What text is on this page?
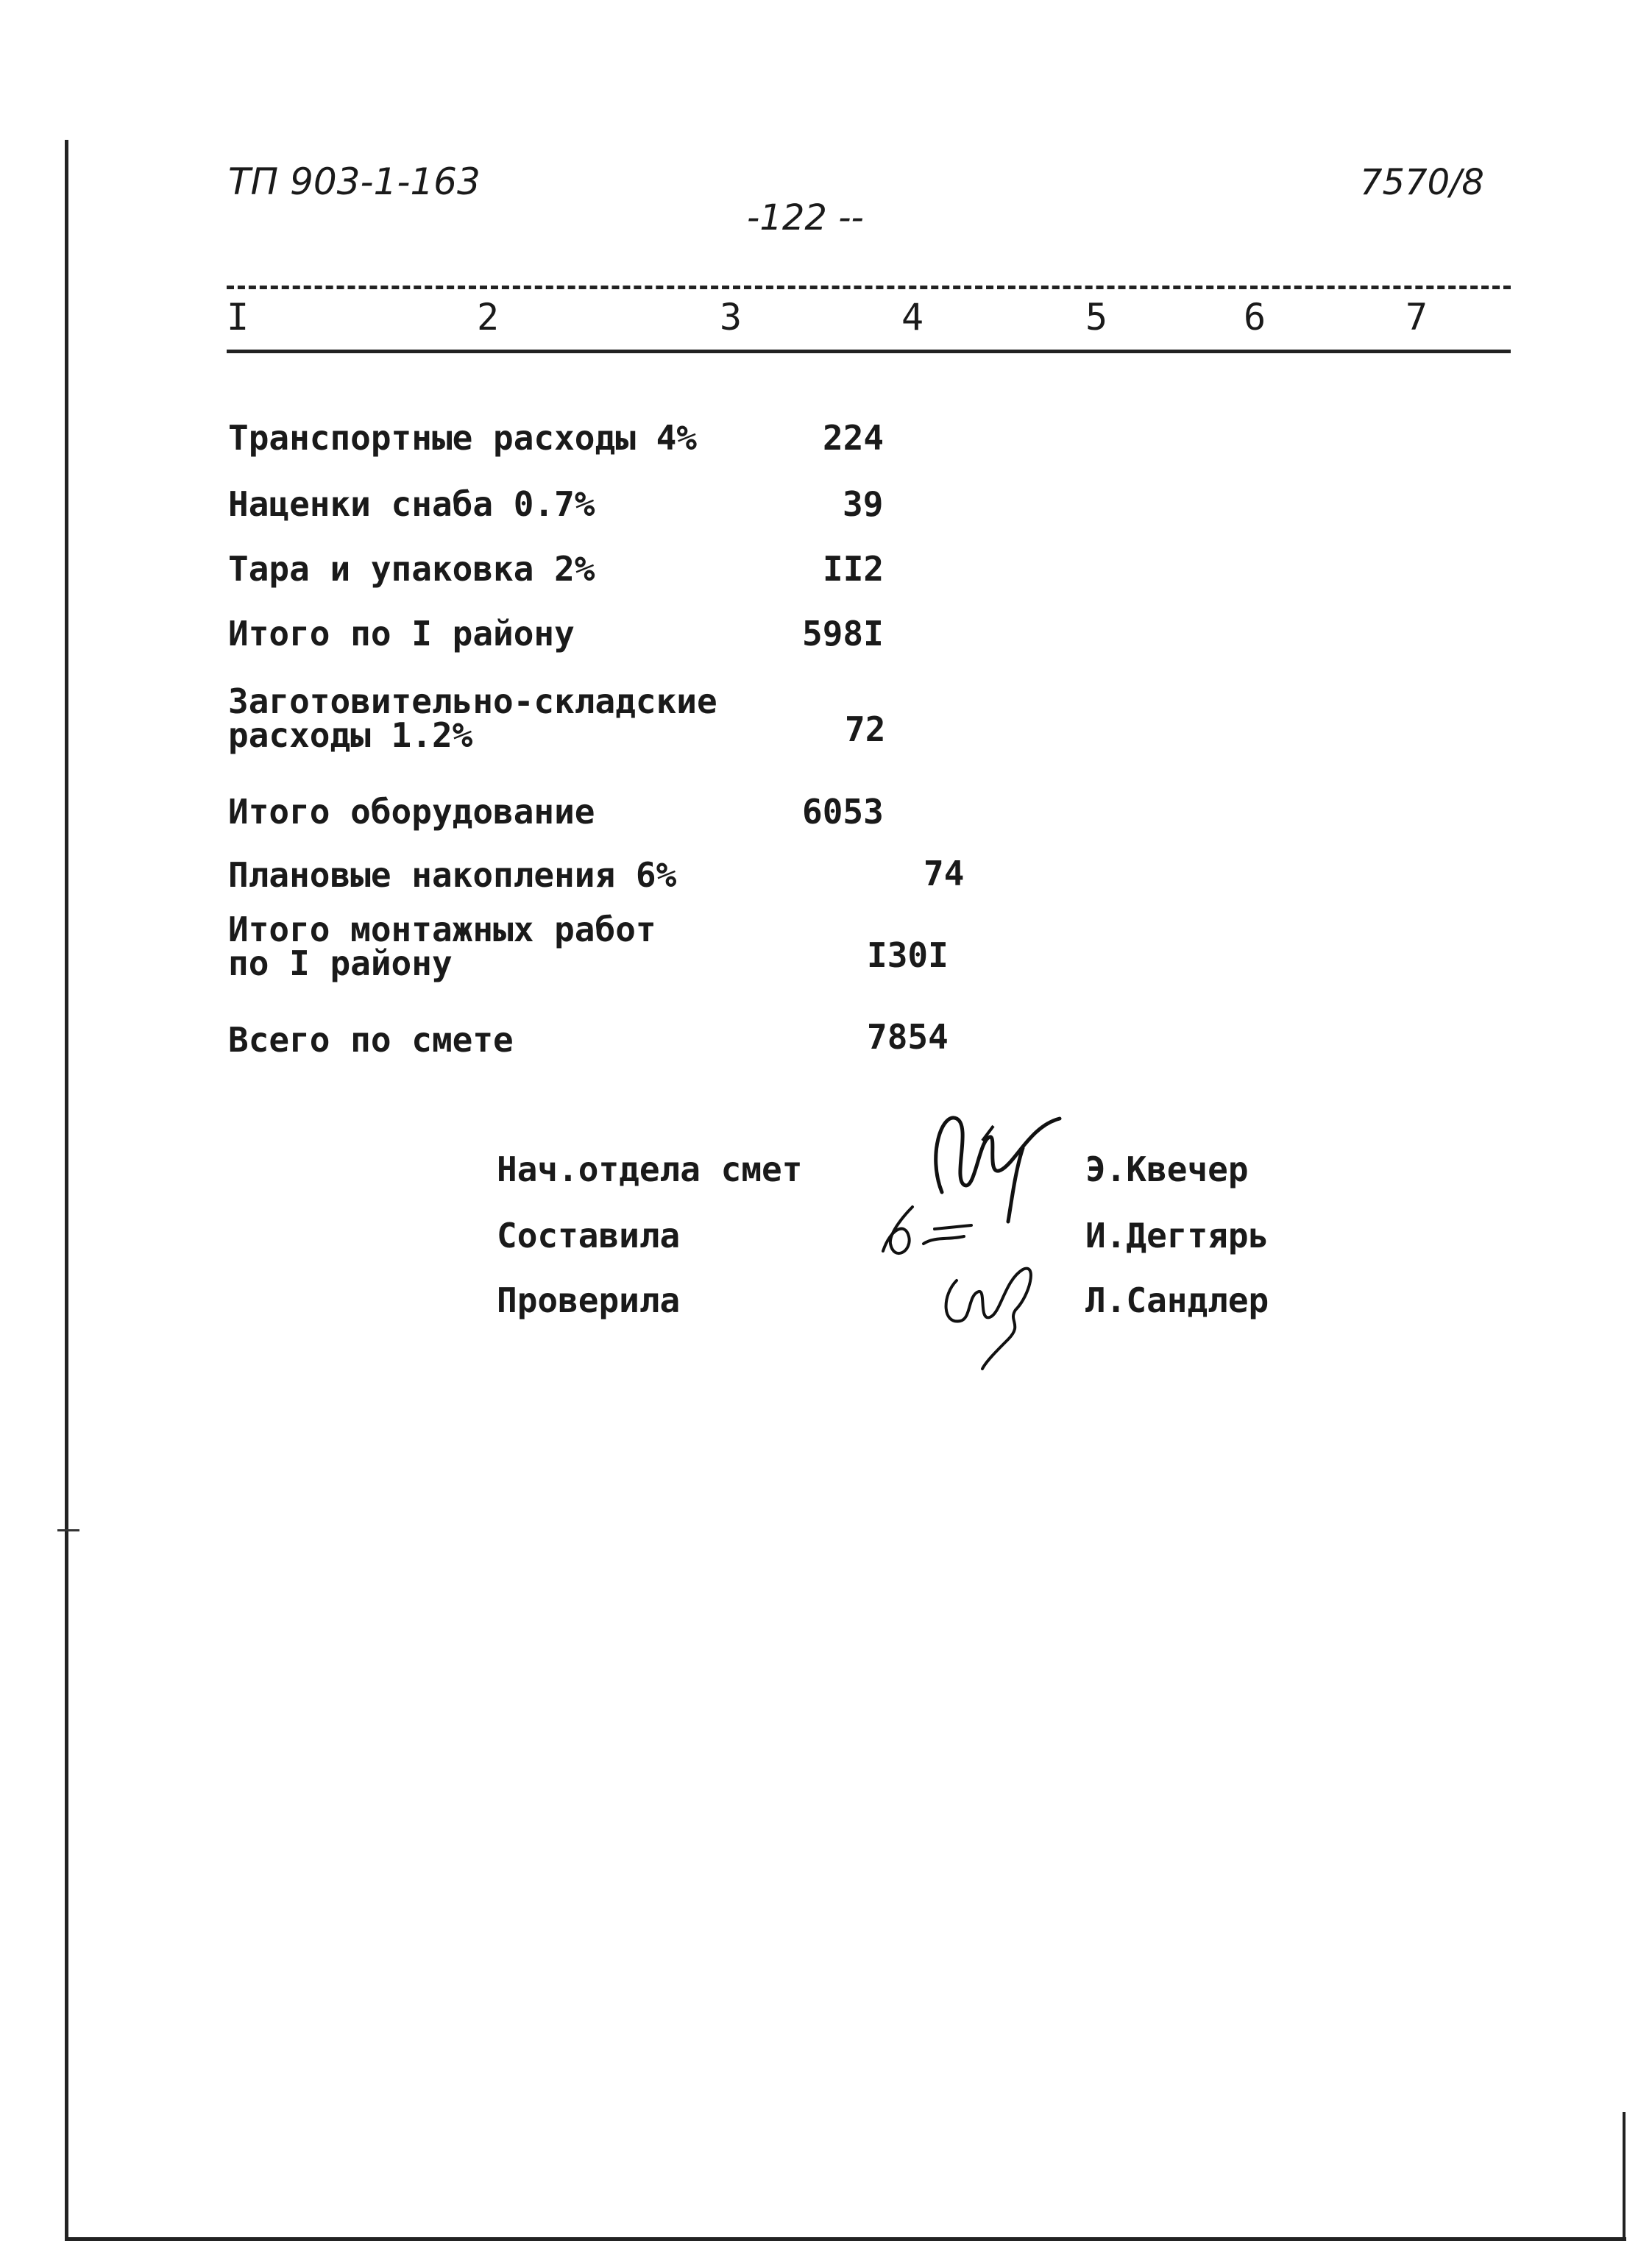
ТП 903-1-163
-122 --
7570/8
I	2	3	4	5	6	7
Транспортные расходы 4%	224
Наценки снаба 0.7%	39
Тара и упаковка 2%	II2
Итого по I району	598I
Заготовительно-складские
расходы 1.2%	72
Итого оборудование	6053
Плановые накопления 6%	74
Итого монтажных работ
по I району	I30I
Всего по смете	7854
Нач.отдела смет	Э.Квечер
Составила	И.Дегтярь
Проверила	Л.Сандлер
